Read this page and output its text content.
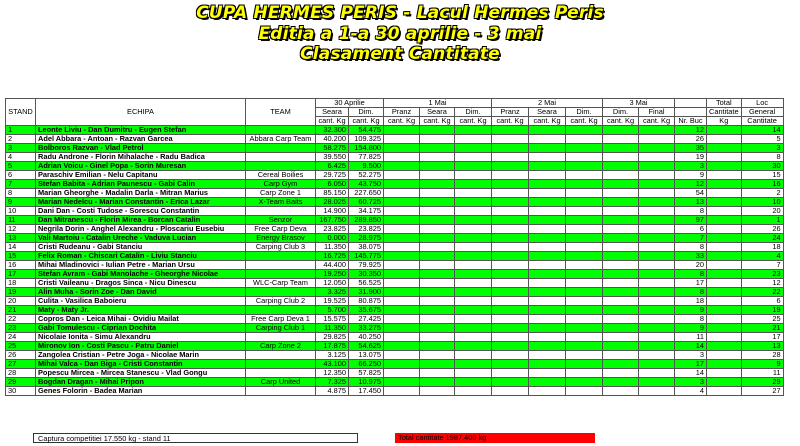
CUPA HERMES PERIS - Lacul Hermes Peris
Editia a 1-a 30 aprilie - 3 mai
Clasament Cantitate
STAND	ECHIPA	TEAM	30 Aprilie		1 Mai			2 Mai			3 Mai			Total	Loc
			Seara	Dim.	Pranz	Seara	Dim.	Pranz	Seara	Dim.	Dim.	Final		Cantitate	General
			cant. Kg	cant. Kg	cant. Kg	cant. Kg	cant. Kg	cant. Kg	cant. Kg	cant. Kg	cant. Kg	cant. Kg	Nr. Buc	Kg	Cantitate
1	Leonte Liviu - Dan Dumitru - Eugen Stefan		32.300	54.475									12		14
2	Adel Abbara - Antoan - Razvan Garcea	Abbara Carp Team	40.200	109.325									26		5
3	Bolboros Razvan - Vlad Petrol		58.275	154.800									35		3
4	Radu Androne - Florin Mihalache - Radu Badica		39.550	77.825									19		8
5	Adrian Voicu - Ginel Popa - Sorin Muresan		6.425	9.500									3		30
6	Paraschiv Emilian - Nelu Capitanu	Cereal Boilies	29.725	52.275									9		15
7	Stefan Babita - Adrian Paunescu - Gabi Calin	Carp Gym	6.050	43.750									12		16
8	Marian Gheorghe - Madalin Darla - Mitran Marius	Carp Zone 1	85.150	227.650									54		2
9	Marian Nedelcu - Marian Constantin - Erica Lazar	X-Team Baits	28.025	60.725									13		10
10	Dani Dan - Costi Tudose - Sorescu Constantin		14.900	34.175									8		20
11	Dan Mitranescu - Florin Mirea - Borcan Catalin	Senzor	167.750	289.850									97		1
12	Negrila Dorin - Anghel Alexandru - Ploscariu Eusebiu	Free Carp Deva	23.825	23.825									6		26
13	Vali Martoiu - Catalin Ureche - Vaduva Lucian	Energy Brasov	0.000	28.975									7		24
14	Cristi Rudeanu - Gabi Stanciu	Carping Club 3	11.350	38.075									8		18
15	Felix Roman - Chiscari Catalin - Liviu Stanciu		16.725	145.775									33		4
16	Mihai Mladinovici - Iulian Petre - Marian Ursu		44.400	79.925									20		7
17	Stefan Avram - Gabi Manolache - Gheorghe Nicolae		19.250	30.350									8		23
18	Cristi Vaileanu - Dragos Sinca - Nicu Dinescu	WLC-Carp Team	12.050	56.525									17		12
19	Alin Muha - Sorin Zoe - Dan David		3.325	31.900									8		22
20	Culita - Vasilica Baboieru	Carping Club 2	19.525	80.875									18		6
21	Maty - Maty Jr.		5.700	35.675									9		19
22	Copros Dan - Leica Mihai - Ovidiu Mailat	Free Carp Deva 1	15.575	27.425									8		25
23	Gabi Tomulescu - Ciprian Dochita	Carping Club 1	11.350	33.275									9		21
24	Nicolaie Ionita - Simu Alexandru		29.825	40.250									11		17
25	Mironov Ion - Costi Pascu - Patru Daniel	Carp Zone 2	17.875	54.625									14		13
26	Zangolea Cristian - Petre Joga - Nicolae Marin		3.125	13.075									3		28
27	Mihai Valca - Dan Biga - Cristi Constantin		43.100	66.250									17		9
28	Popescu Mircea - Mircea Stanescu - Vlad Gongu		12.350	57.825									14		11
29	Bogdan Dragan - Mihai Pripon	Carp United	7.325	10.975									3		29
30	Genes Folorin - Badea Marian		4.875	17.450									4		27
Captura competitiei 17.550 kg - stand 11	Total cantitate 1987.400 kg
